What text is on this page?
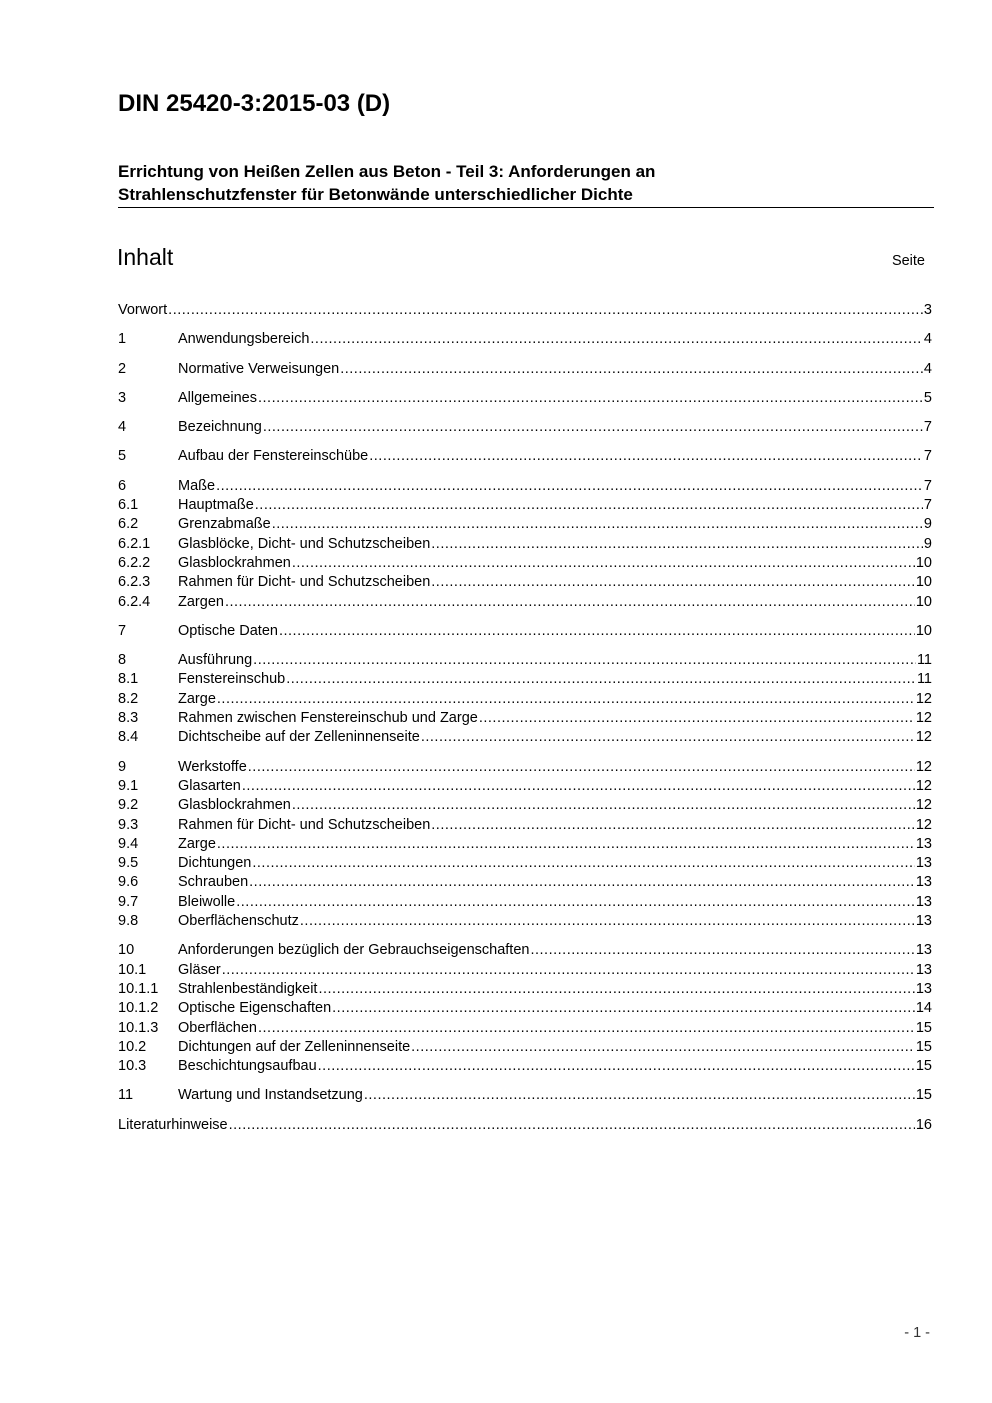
DIN 25420-3:2015-03 (D)
Errichtung von Heißen Zellen aus Beton - Teil 3: Anforderungen an
Strahlenschutzfenster für Betonwände unterschiedlicher Dichte
Inhalt	Seite
Vorwort .....	3
1	Anwendungsbereich .....	4
2	Normative Verweisungen .....	4
3	Allgemeines .....	5
4	Bezeichnung .....	7
5	Aufbau der Fenstereinschübe .....	7
6	Maße .....	7
6.1	Hauptmaße .....	7
6.2	Grenzabmaße .....	9
6.2.1	Glasblöcke, Dicht- und Schutzscheiben .....	9
6.2.2	Glasblockrahmen .....	10
6.2.3	Rahmen für Dicht- und Schutzscheiben .....	10
6.2.4	Zargen .....	10
7	Optische Daten .....	10
8	Ausführung .....	11
8.1	Fenstereinschub .....	11
8.2	Zarge .....	12
8.3	Rahmen zwischen Fenstereinschub und Zarge .....	12
8.4	Dichtscheibe auf der Zelleninnenseite .....	12
9	Werkstoffe .....	12
9.1	Glasarten .....	12
9.2	Glasblockrahmen .....	12
9.3	Rahmen für Dicht- und Schutzscheiben .....	12
9.4	Zarge .....	13
9.5	Dichtungen .....	13
9.6	Schrauben .....	13
9.7	Bleiwolle .....	13
9.8	Oberflächenschutz .....	13
10	Anforderungen bezüglich der Gebrauchseigenschaften .....	13
10.1	Gläser .....	13
10.1.1	Strahlenbeständigkeit .....	13
10.1.2	Optische Eigenschaften .....	14
10.1.3	Oberflächen .....	15
10.2	Dichtungen auf der Zelleninnenseite .....	15
10.3	Beschichtungsaufbau .....	15
11	Wartung und Instandsetzung .....	15
Literaturhinweise .....	16
- 1 -
